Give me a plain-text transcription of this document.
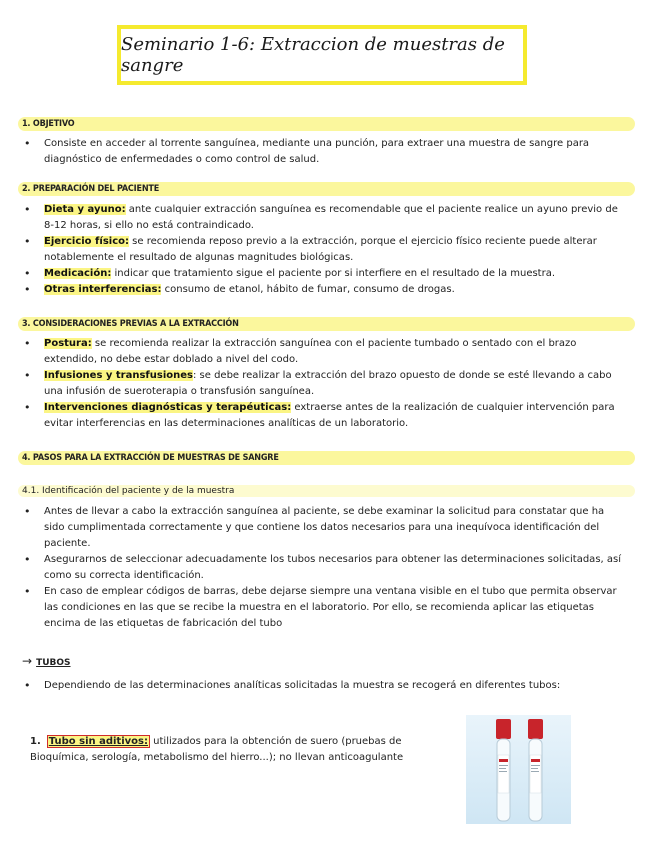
Seminario 1-6: Extraccion de muestras de sangre
1. OBJETIVO
• Consiste en acceder al torrente sanguínea, mediante una punción, para extraer una muestra de sangre para diagnóstico de enfermedades o como control de salud.
2. PREPARACIÓN DEL PACIENTE
• Dieta y ayuno: ante cualquier extracción sanguínea es recomendable que el paciente realice un ayuno previo de 8-12 horas, si ello no está contraindicado.
• Ejercicio físico: se recomienda reposo previo a la extracción, porque el ejercicio físico reciente puede alterar notablemente el resultado de algunas magnitudes biológicas.
• Medicación: indicar que tratamiento sigue el paciente por si interfiere en el resultado de la muestra.
• Otras interferencias: consumo de etanol, hábito de fumar, consumo de drogas.
3. CONSIDERACIONES PREVIAS A LA EXTRACCIÓN
• Postura: se recomienda realizar la extracción sanguínea con el paciente tumbado o sentado con el brazo extendido, no debe estar doblado a nivel del codo.
• Infusiones y transfusiones: se debe realizar la extracción del brazo opuesto de donde se esté llevando a cabo una infusión de sueroterapia o transfusión sanguínea.
• Intervenciones diagnósticas y terapéuticas: extraerse antes de la realización de cualquier intervención para evitar interferencias en las determinaciones analíticas de un laboratorio.
4. PASOS PARA LA EXTRACCIÓN DE MUESTRAS DE SANGRE
4.1. Identificación del paciente y de la muestra
• Antes de llevar a cabo la extracción sanguínea al paciente, se debe examinar la solicitud para constatar que ha sido cumplimentada correctamente y que contiene los datos necesarios para una inequívoca identificación del paciente.
• Asegurarnos de seleccionar adecuadamente los tubos necesarios para obtener las determinaciones solicitadas, así como su correcta identificación.
• En caso de emplear códigos de barras, debe dejarse siempre una ventana visible en el tubo que permita observar las condiciones en las que se recibe la muestra en el laboratorio. Por ello, se recomienda aplicar las etiquetas encima de las etiquetas de fabricación del tubo
→ TUBOS
• Dependiendo de las determinaciones analíticas solicitadas la muestra se recogerá en diferentes tubos:
1. Tubo sin aditivos: utilizados para la obtención de suero (pruebas de Bioquímica, serología, metabolismo del hierro...); no llevan anticoagulante
